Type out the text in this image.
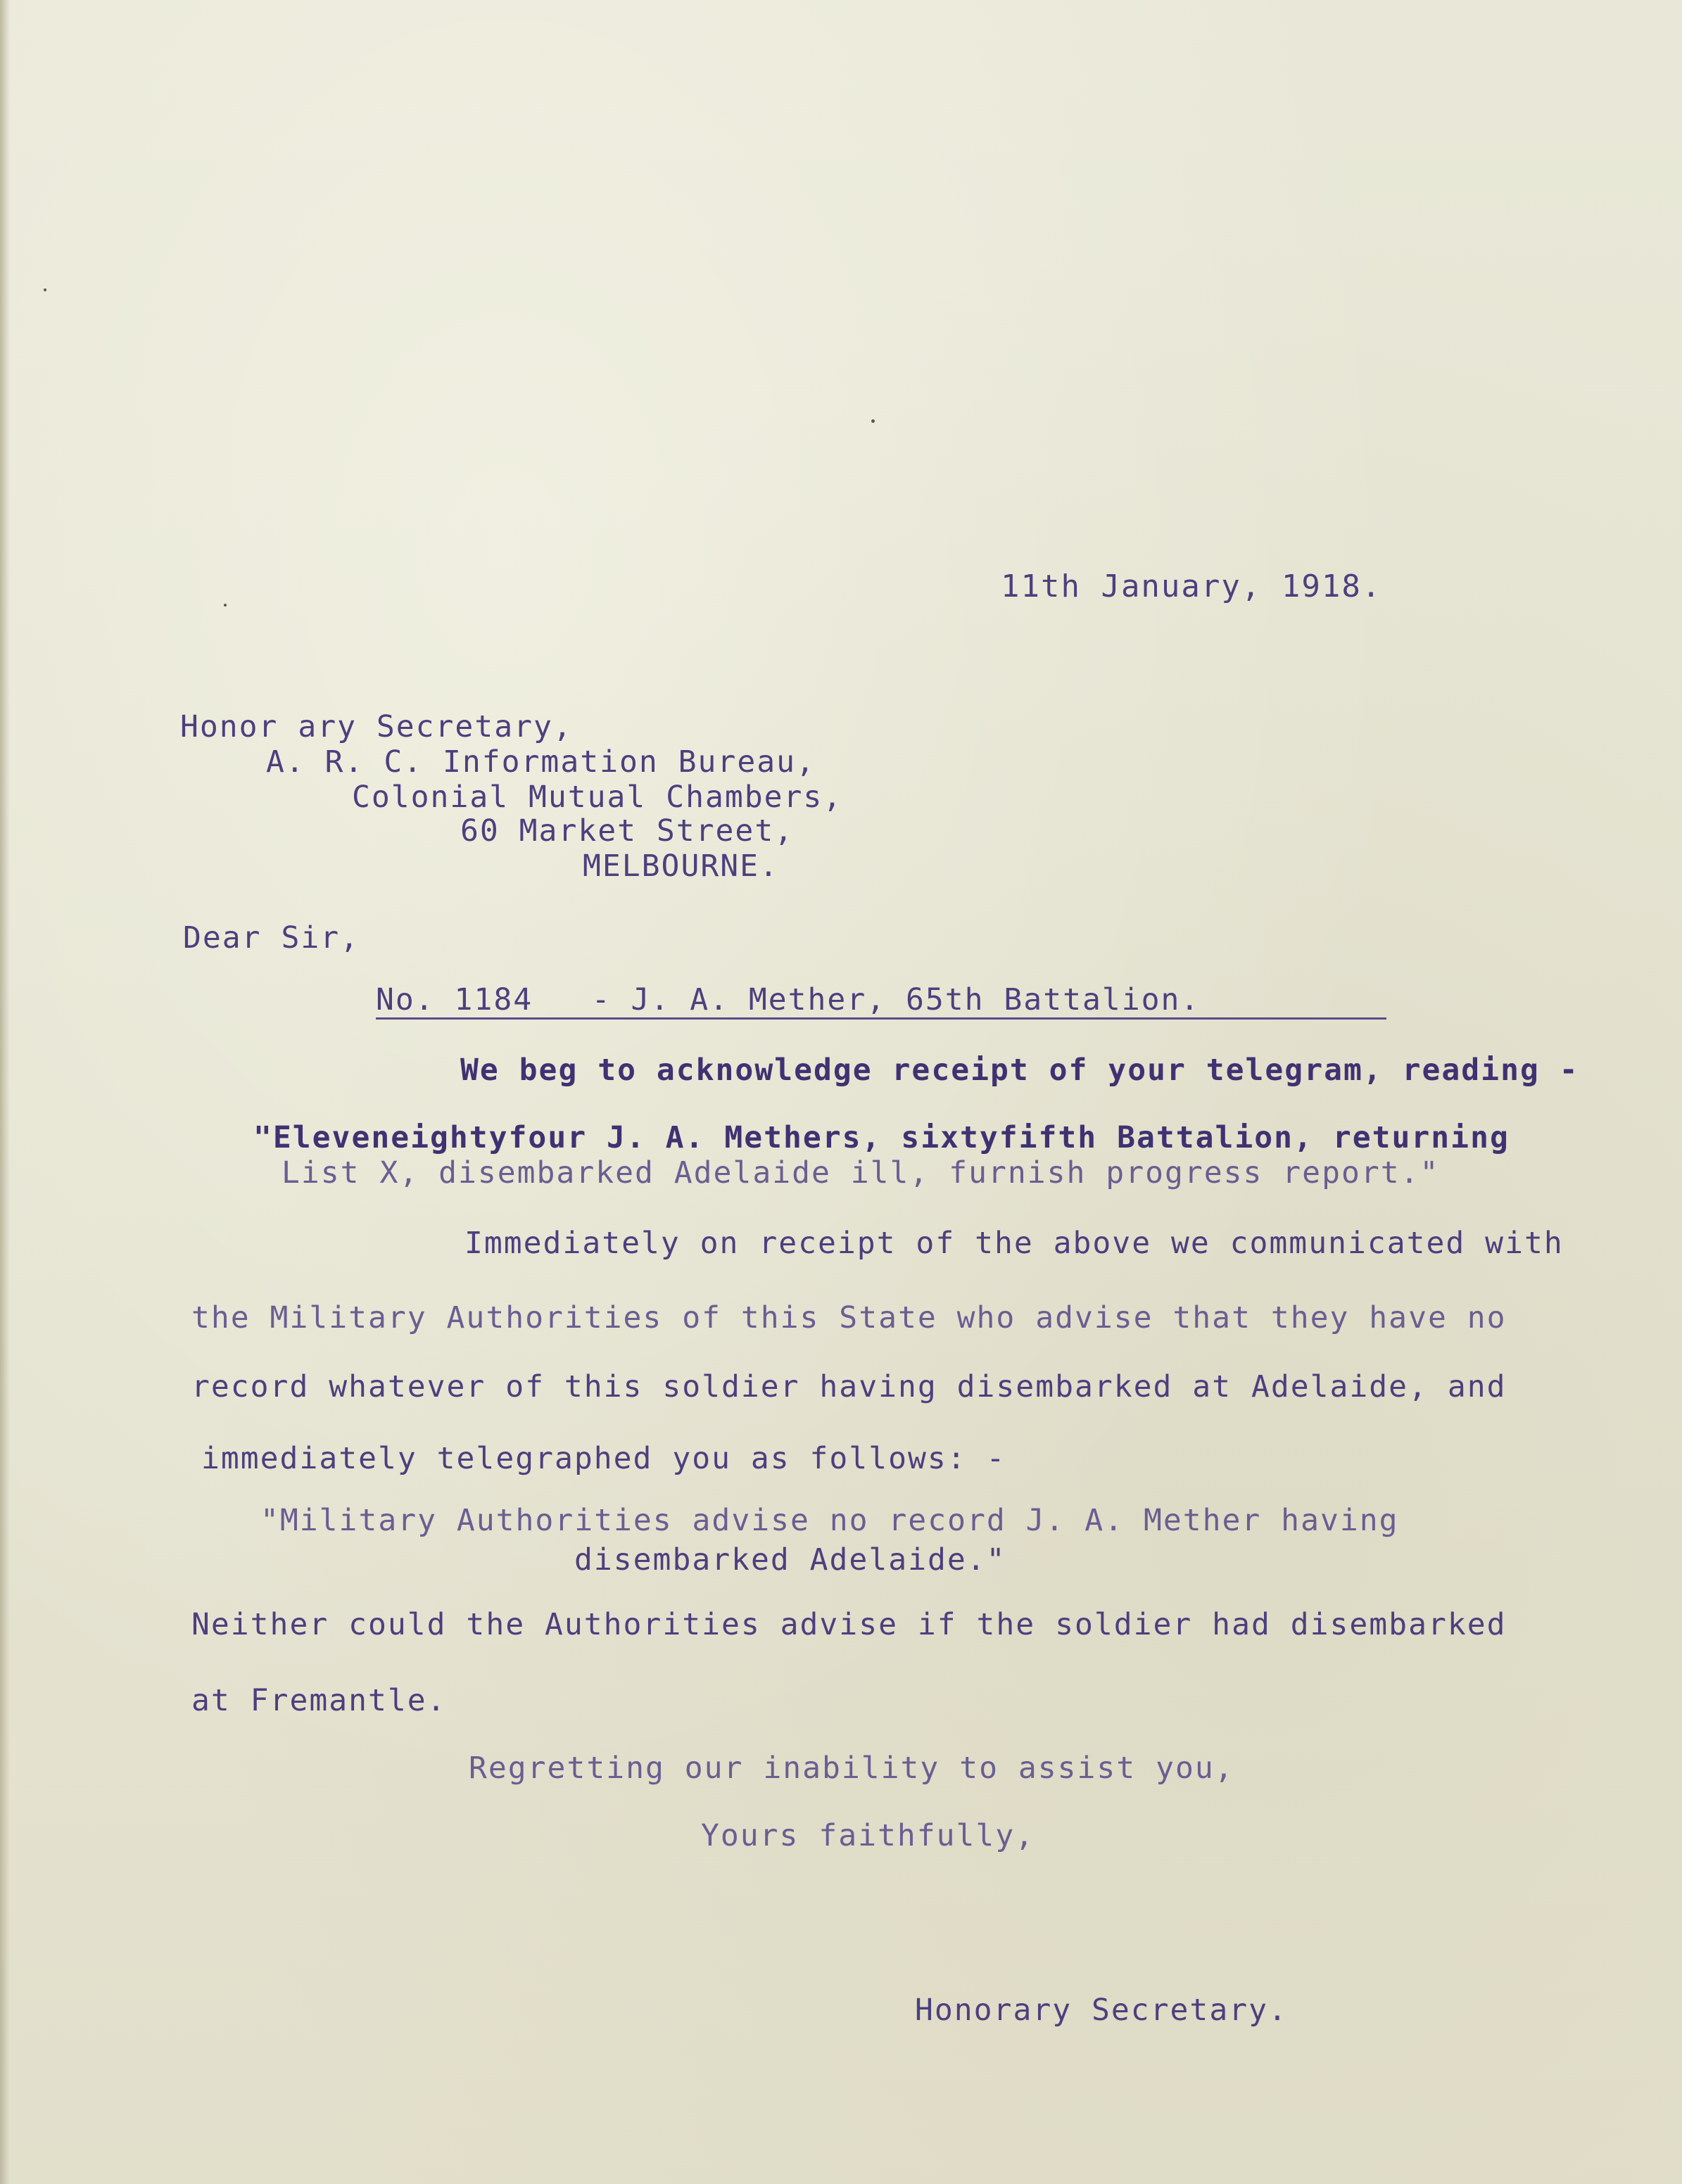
11th January, 1918.
Honor ary Secretary,
A. R. C. Information Bureau,
Colonial Mutual Chambers,
60 Market Street,
MELBOURNE.
Dear Sir,
No. 1184   - J. A. Mether, 65th Battalion.
We beg to acknowledge receipt of your telegram, reading -
"Eleveneightyfour J. A. Methers, sixtyfifth Battalion, returning
List X, disembarked Adelaide ill, furnish progress report."
Immediately on receipt of the above we communicated with
the Military Authorities of this State who advise that they have no
record whatever of this soldier having disembarked at Adelaide, and
immediately telegraphed you as follows: -
"Military Authorities advise no record J. A. Mether having
disembarked Adelaide."
Neither could the Authorities advise if the soldier had disembarked
at Fremantle.
Regretting our inability to assist you,
Yours faithfully,
Honorary Secretary.
